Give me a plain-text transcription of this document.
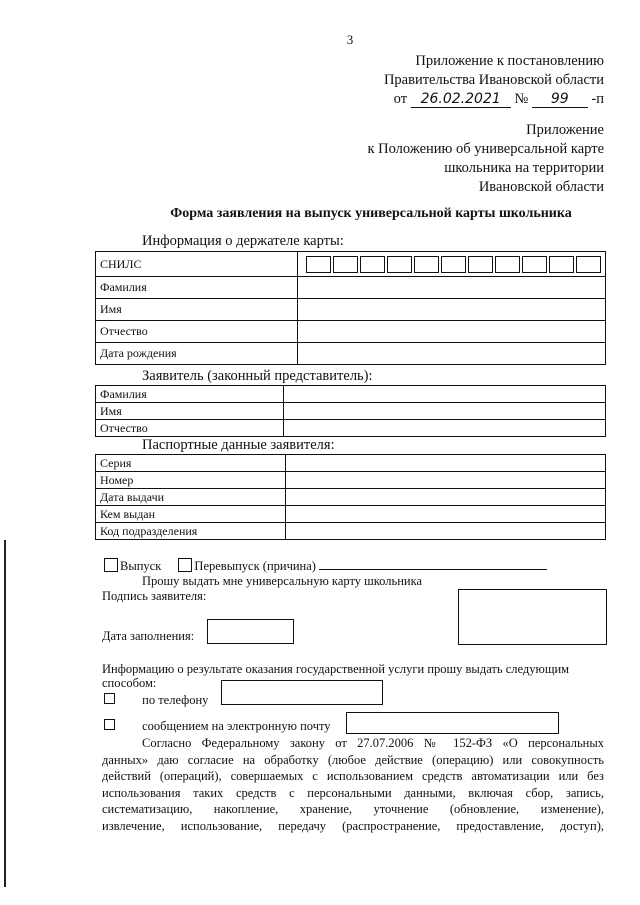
3
Приложение к постановлению
Правительства Ивановской области
от 26.02.2021 № 99 -п
Приложение
к Положению об универсальной карте
школьника на территории
Ивановской области
Форма заявления на выпуск универсальной карты школьника
Информация о держателе карты:
СНИЛС	

Фамилия	
Имя	
Отчество	
Дата рождения	
Заявитель (законный представитель):
Фамилия	
Имя	
Отчество	
Паспортные данные заявителя:
Серия	
Номер	
Дата выдачи	
Кем выдан	
Код подразделения	
Выпуск	Перевыпуск (причина)
Прошу выдать мне универсальную карту школьника
Подпись заявителя:
Дата заполнения:
Информацию о результате оказания государственной услуги прошу выдать следующим
способом:
по телефону
сообщением на электронную почту
Согласно Федеральному закону от 27.07.2006 № 152-ФЗ «О персональных
данных» даю согласие на обработку (любое действие (операцию) или совокупность
действий (операций), совершаемых с использованием средств автоматизации или без
использования таких средств с персональными данными, включая сбор, запись,
систематизацию, накопление, хранение, уточнение (обновление, изменение),
извлечение, использование, передачу (распространение, предоставление, доступ),
